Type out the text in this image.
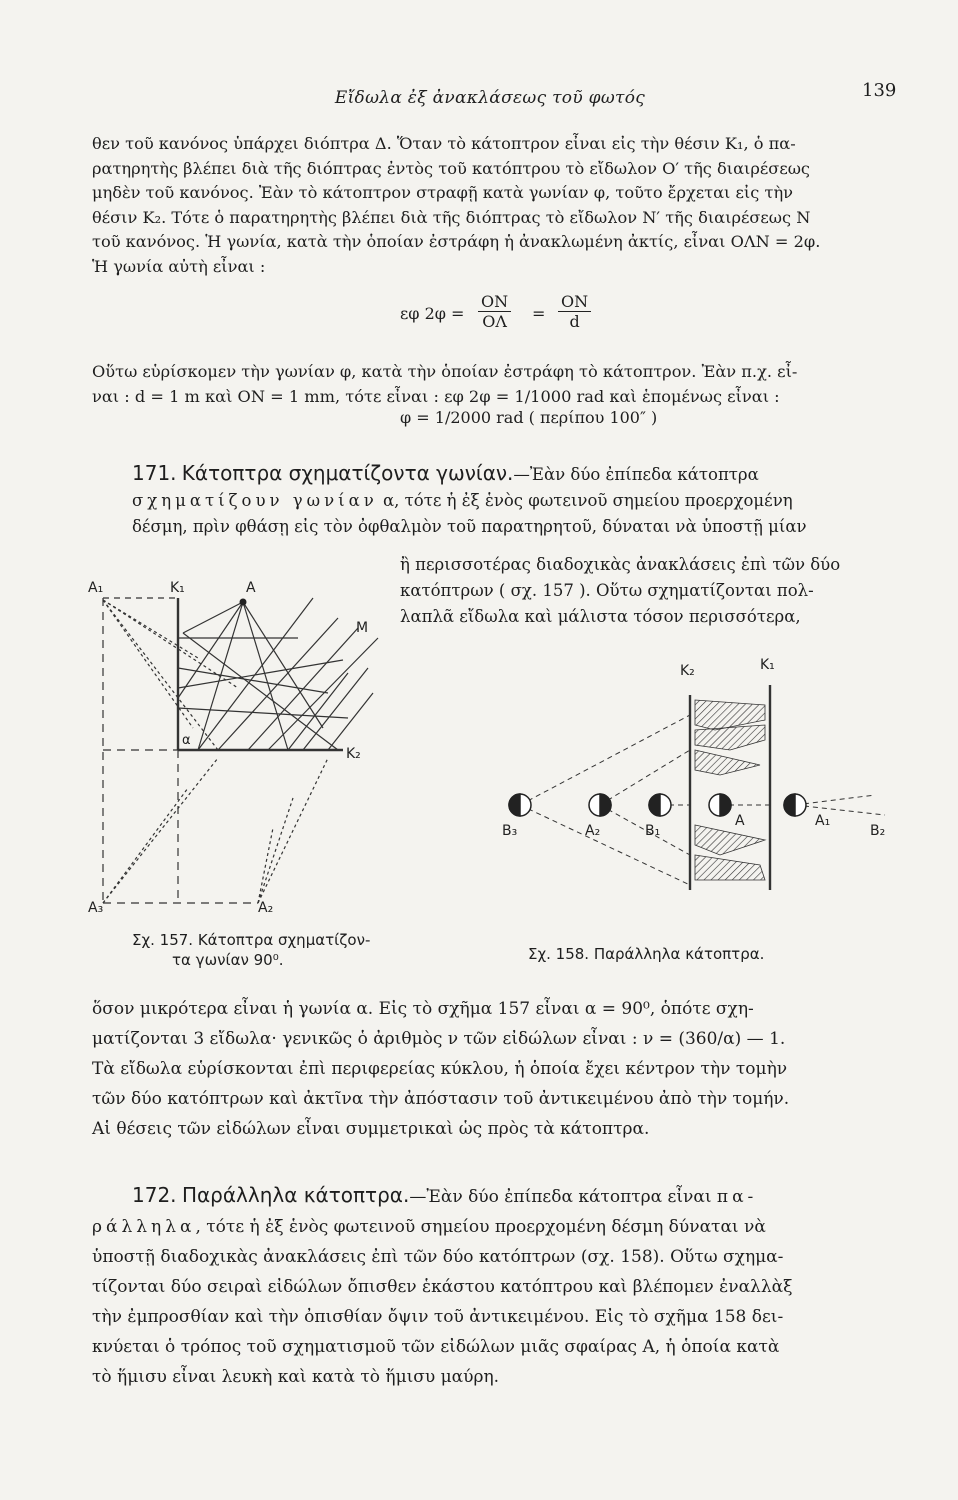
Εἴδωλα ἐξ ἀνακλάσεως τοῦ φωτός	139
θεν τοῦ κανόνος ὑπάρχει διόπτρα Δ. Ὅταν τὸ κάτοπτρον εἶναι εἰς τὴν θέσιν K₁, ὁ πα-
ρατηρητὴς βλέπει διὰ τῆς διόπτρας ἐντὸς τοῦ κατόπτρου τὸ εἴδωλον O′ τῆς διαιρέσεως
μηδὲν τοῦ κανόνος. Ἐὰν τὸ κάτοπτρον στραφῇ κατὰ γωνίαν φ, τοῦτο ἔρχεται εἰς τὴν
θέσιν K₂. Τότε ὁ παρατηρητὴς βλέπει διὰ τῆς διόπτρας τὸ εἴδωλον N′ τῆς διαιρέσεως N
τοῦ κανόνος. Ἡ γωνία, κατὰ τὴν ὁποίαν ἐστράφη ἡ ἀνακλωμένη ἀκτίς, εἶναι ΟΛΝ = 2φ.
Ἡ γωνία αὐτὴ εἶναι :
εφ $2\varphi = \frac{ON}{O\Lambda} = \frac{ON}{d}$
Οὕτω εὑρίσκομεν τὴν γωνίαν φ, κατὰ τὴν ὁποίαν ἐστράφη τὸ κάτοπτρον. Ἐὰν π.χ. εἶ-
ναι : d = 1 m καὶ ON = 1 mm, τότε εἶναι : εφ 2φ = 1/1000 rad καὶ ἑπομένως εἶναι :
φ = 1/2000 rad ( περίπου 100″ )
171. Κάτοπτρα σχηματίζοντα γωνίαν.—Ἐὰν δύο ἐπίπεδα κάτοπτρα
σχηματίζουν γωνίαν α, τότε ἡ ἐξ ἑνὸς φωτεινοῦ σημείου προερχομένη
δέσμη, πρὶν φθάσῃ εἰς τὸν ὀφθαλμὸν τοῦ παρατηρητοῦ, δύναται νὰ ὑποστῇ μίαν
ἢ περισσοτέρας διαδοχικὰς ἀνακλάσεις ἐπὶ τῶν δύο
κατόπτρων ( σχ. 157 ). Οὕτω σχηματίζονται πολ-
λαπλᾶ εἴδωλα καὶ μάλιστα τόσον περισσότερα,
A₁	K₁	A
M
α
K₂
A₃	A₂
Σχ. 157. Κάτοπτρα σχηματίζον-
τα γωνίαν 90⁰.
K₂	K₁
B₃	A₂	B₁
A	A₁
B₂
Σχ. 158. Παράλληλα κάτοπτρα.
ὅσον μικρότερα εἶναι ἡ γωνία α. Εἰς τὸ σχῆμα 157 εἶναι α = 90⁰, ὁπότε σχη-
ματίζονται 3 εἴδωλα· γενικῶς ὁ ἀριθμὸς ν τῶν εἰδώλων εἶναι : ν = (360/α) — 1.
Τὰ εἴδωλα εὑρίσκονται ἐπὶ περιφερείας κύκλου, ἡ ὁποία ἔχει κέντρον τὴν τομὴν
τῶν δύο κατόπτρων καὶ ἀκτῖνα τὴν ἀπόστασιν τοῦ ἀντικειμένου ἀπὸ τὴν τομήν.
Αἱ θέσεις τῶν εἰδώλων εἶναι συμμετρικαὶ ὡς πρὸς τὰ κάτοπτρα.
172. Παράλληλα κάτοπτρα.—Ἐὰν δύο ἐπίπεδα κάτοπτρα εἶναι πα-
ράλληλα, τότε ἡ ἐξ ἑνὸς φωτεινοῦ σημείου προερχομένη δέσμη δύναται νὰ
ὑποστῇ διαδοχικὰς ἀνακλάσεις ἐπὶ τῶν δύο κατόπτρων (σχ. 158). Οὕτω σχημα-
τίζονται δύο σειραὶ εἰδώλων ὄπισθεν ἑκάστου κατόπτρου καὶ βλέπομεν ἐναλλὰξ
τὴν ἐμπροσθίαν καὶ τὴν ὀπισθίαν ὄψιν τοῦ ἀντικειμένου. Εἰς τὸ σχῆμα 158 δει-
κνύεται ὁ τρόπος τοῦ σχηματισμοῦ τῶν εἰδώλων μιᾶς σφαίρας A, ἡ ὁποία κατὰ
τὸ ἥμισυ εἶναι λευκὴ καὶ κατὰ τὸ ἥμισυ μαύρη.
